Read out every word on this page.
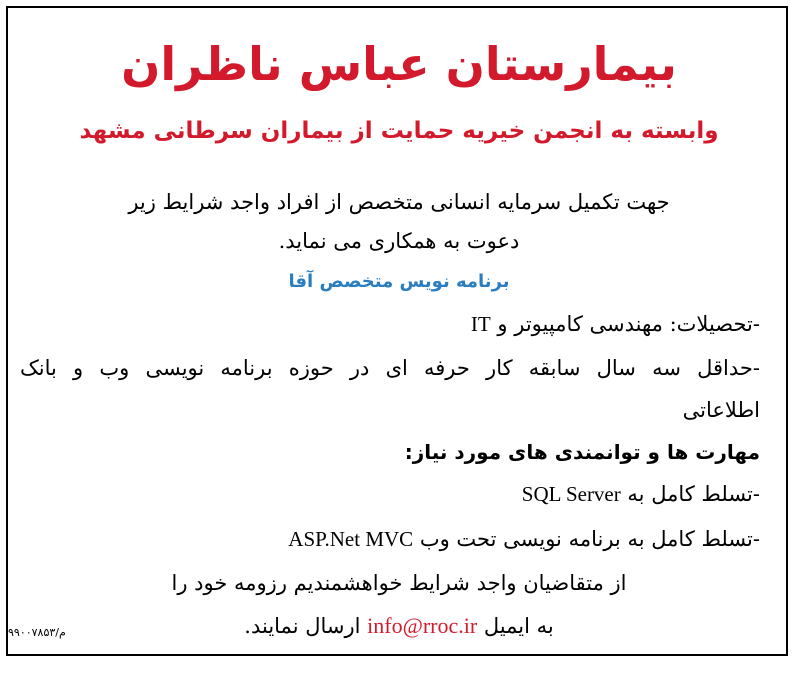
بیمارستان عباس ناظران
وابسته به انجمن خیریه حمایت از بیماران سرطانی مشهد

جهت تکمیل سرمایه انسانی متخصص از افراد واجد شرایط زیر

دعوت به همکاری می نماید.

برنامه نویس متخصص آقا

-تحصیلات: مهندسی کامپیوتر و IT

-حداقل سه سال سابقه کار حرفه ای در حوزه برنامه نویسی وب و بانک

اطلاعاتی

مهارت ها و توانمندی های مورد نیاز:

-تسلط کامل به SQL Server

-تسلط کامل به برنامه نویسی تحت وب ASP.Net MVC

از متقاضیان واجد شرایط خواهشمندیم رزومه خود را

به ایمیل info@rroc.ir ارسال نمایند.

م/۹۹۰۰۷۸۵۳
